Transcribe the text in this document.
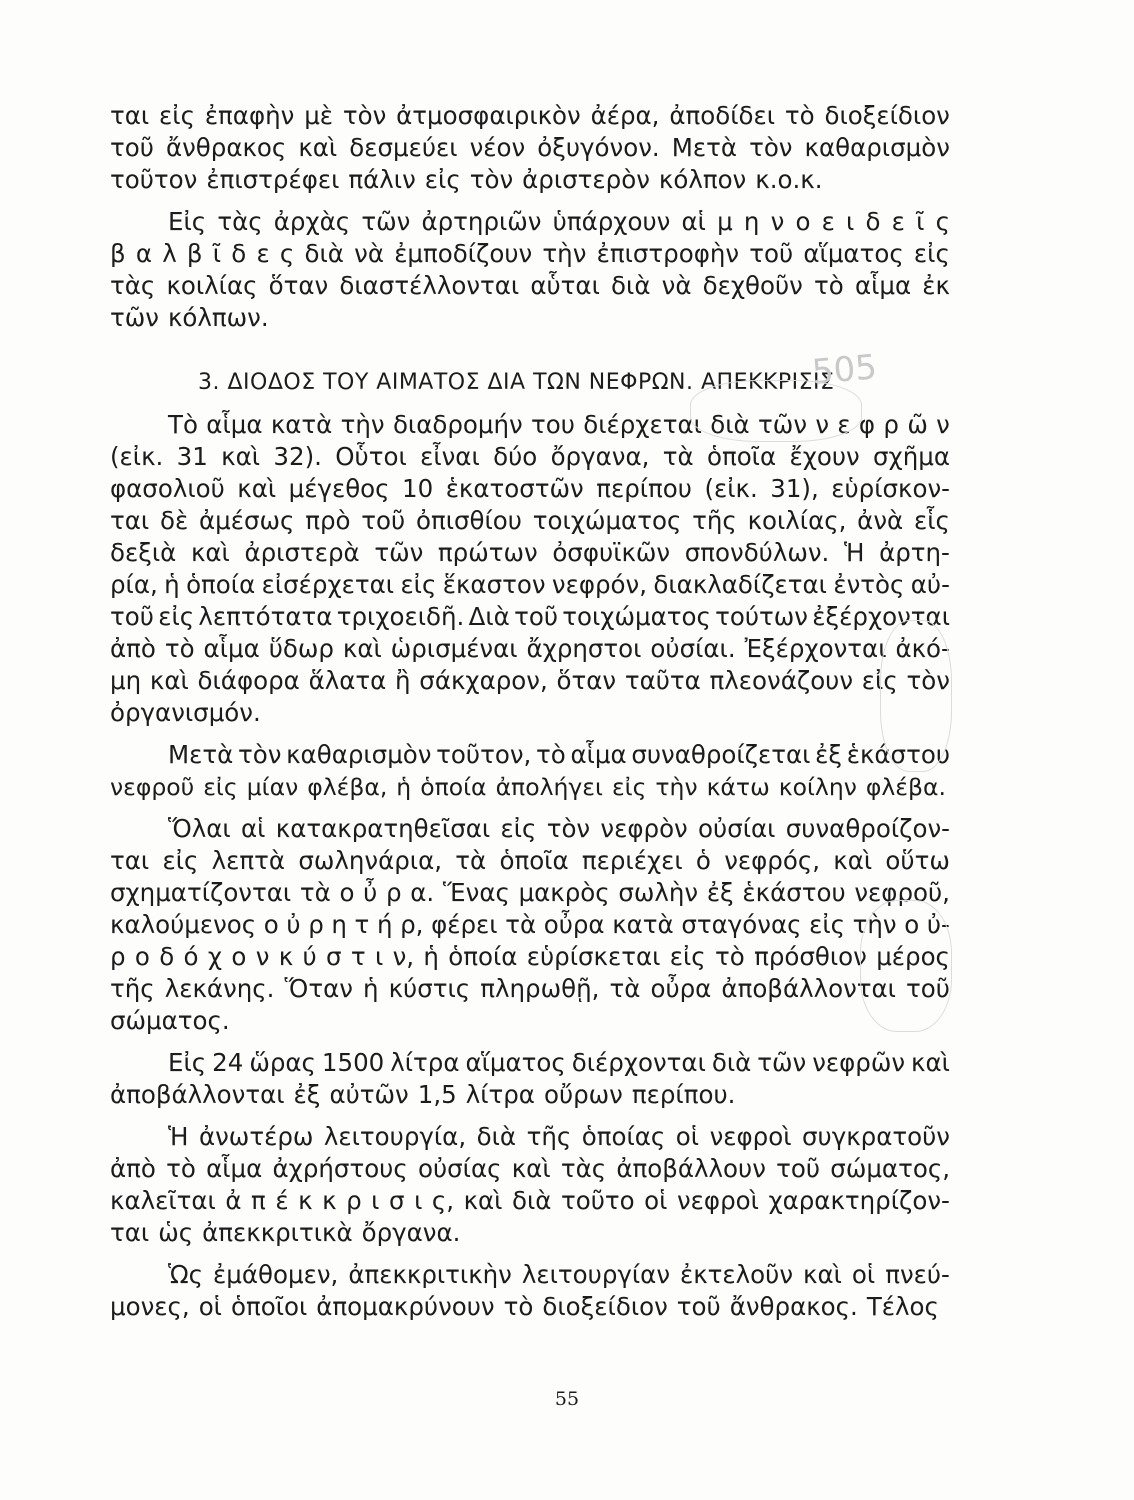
ται εἰς ἐπαφὴν μὲ τὸν ἀτμοσφαιρικὸν ἀέρα, ἀποδίδει τὸ διοξείδιον
τοῦ ἄνθρακος καὶ δεσμεύει νέον ὀξυγόνον. Μετὰ τὸν καθαρισμὸν
τοῦτον ἐπιστρέφει πάλιν εἰς τὸν ἀριστερὸν κόλπον κ.ο.κ.
Εἰς τὰς ἀρχὰς τῶν ἀρτηριῶν ὑπάρχουν αἱ μ η ν ο ε ι δ ε ῖ ς
β α λ β ῖ δ ε ς διὰ νὰ ἐμποδίζουν τὴν ἐπιστροφὴν τοῦ αἵματος εἰς
τὰς κοιλίας ὅταν διαστέλλονται αὗται διὰ νὰ δεχθοῦν τὸ αἷμα ἐκ
τῶν κόλπων.
3. ΔΙΟΔΟΣ ΤΟΥ ΑΙΜΑΤΟΣ ΔΙΑ ΤΩΝ ΝΕΦΡΩΝ. ΑΠΕΚΚΡΙΣΙΣ
Τὸ αἷμα κατὰ τὴν διαδρομήν του διέρχεται διὰ τῶν ν ε φ ρ ῶ ν
(εἰκ. 31 καὶ 32). Οὗτοι εἶναι δύο ὄργανα, τὰ ὁποῖα ἔχουν σχῆμα
φασολιοῦ καὶ μέγεθος 10 ἑκατοστῶν περίπου (εἰκ. 31), εὑρίσκον-
ται δὲ ἀμέσως πρὸ τοῦ ὀπισθίου τοιχώματος τῆς κοιλίας, ἀνὰ εἷς
δεξιὰ καὶ ἀριστερὰ τῶν πρώτων ὀσφυϊκῶν σπονδύλων. Ἡ ἀρτη-
ρία, ἡ ὁποία εἰσέρχεται εἰς ἕκαστον νεφρόν, διακλαδίζεται ἐντὸς αὐ-
τοῦ εἰς λεπτότατα τριχοειδῆ. Διὰ τοῦ τοιχώματος τούτων ἐξέρχονται
ἀπὸ τὸ αἷμα ὕδωρ καὶ ὡρισμέναι ἄχρηστοι οὐσίαι. Ἐξέρχονται ἀκό-
μη καὶ διάφορα ἅλατα ἢ σάκχαρον, ὅταν ταῦτα πλεονάζουν εἰς τὸν
ὀργανισμόν.
Μετὰ τὸν καθαρισμὸν τοῦτον, τὸ αἷμα συναθροίζεται ἐξ ἑκάστου
νεφροῦ εἰς μίαν φλέβα, ἡ ὁποία ἀπολήγει εἰς τὴν κάτω κοίλην φλέβα.
Ὅλαι αἱ κατακρατηθεῖσαι εἰς τὸν νεφρὸν οὐσίαι συναθροίζον-
ται εἰς λεπτὰ σωληνάρια, τὰ ὁποῖα περιέχει ὁ νεφρός, καὶ οὕτω
σχηματίζονται τὰ ο ὖ ρ α. Ἕνας μακρὸς σωλὴν ἐξ ἑκάστου νεφροῦ,
καλούμενος ο ὐ ρ η τ ή ρ, φέρει τὰ οὖρα κατὰ σταγόνας εἰς τὴν ο ὐ-
ρ ο δ ό χ ο ν κ ύ σ τ ι ν, ἡ ὁποία εὑρίσκεται εἰς τὸ πρόσθιον μέρος
τῆς λεκάνης. Ὅταν ἡ κύστις πληρωθῇ, τὰ οὖρα ἀποβάλλονται τοῦ
σώματος.
Εἰς 24 ὥρας 1500 λίτρα αἵματος διέρχονται διὰ τῶν νεφρῶν καὶ
ἀποβάλλονται ἐξ αὐτῶν 1,5 λίτρα οὔρων περίπου.
Ἡ ἀνωτέρω λειτουργία, διὰ τῆς ὁποίας οἱ νεφροὶ συγκρατοῦν
ἀπὸ τὸ αἷμα ἀχρήστους οὐσίας καὶ τὰς ἀποβάλλουν τοῦ σώματος,
καλεῖται ἀ π έ κ κ ρ ι σ ι ς, καὶ διὰ τοῦτο οἱ νεφροὶ χαρακτηρίζον-
ται ὡς ἀπεκκριτικὰ ὄργανα.
Ὡς ἐμάθομεν, ἀπεκκριτικὴν λειτουργίαν ἐκτελοῦν καὶ οἱ πνεύ-
μονες, οἱ ὁποῖοι ἀπομακρύνουν τὸ διοξείδιον τοῦ ἄνθρακος. Τέλος
505
55
